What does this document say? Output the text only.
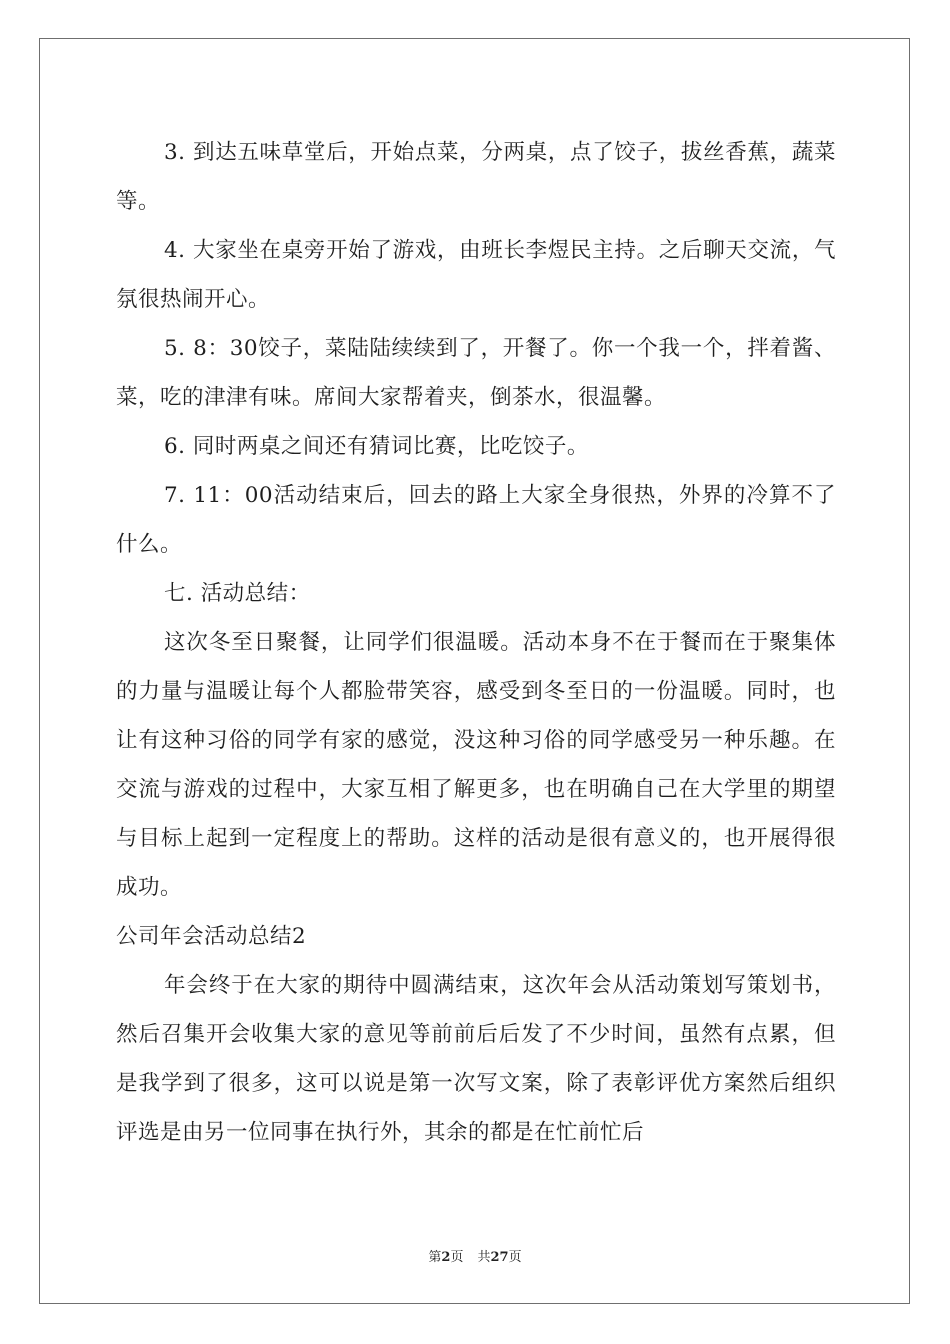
3. 到达五味草堂后，开始点菜，分两桌，点了饺子，拔丝香蕉，蔬菜等。

4. 大家坐在桌旁开始了游戏，由班长李煜民主持。之后聊天交流，气氛很热闹开心。

5. 8：30饺子，菜陆陆续续到了，开餐了。你一个我一个，拌着酱、菜，吃的津津有味。席间大家帮着夹，倒茶水，很温馨。

6. 同时两桌之间还有猜词比赛，比吃饺子。

7. 11：00活动结束后，回去的路上大家全身很热，外界的冷算不了什么。

七. 活动总结：

这次冬至日聚餐，让同学们很温暖。活动本身不在于餐而在于聚集体的力量与温暖让每个人都脸带笑容，感受到冬至日的一份温暖。同时，也让有这种习俗的同学有家的感觉，没这种习俗的同学感受另一种乐趣。在交流与游戏的过程中，大家互相了解更多，也在明确自己在大学里的期望与目标上起到一定程度上的帮助。这样的活动是很有意义的，也开展得很成功。

公司年会活动总结2

年会终于在大家的期待中圆满结束，这次年会从活动策划写策划书，然后召集开会收集大家的意见等前前后后发了不少时间，虽然有点累，但是我学到了很多，这可以说是第一次写文案，除了表彰评优方案然后组织评选是由另一位同事在执行外，其余的都是在忙前忙后

第2页 共27页
